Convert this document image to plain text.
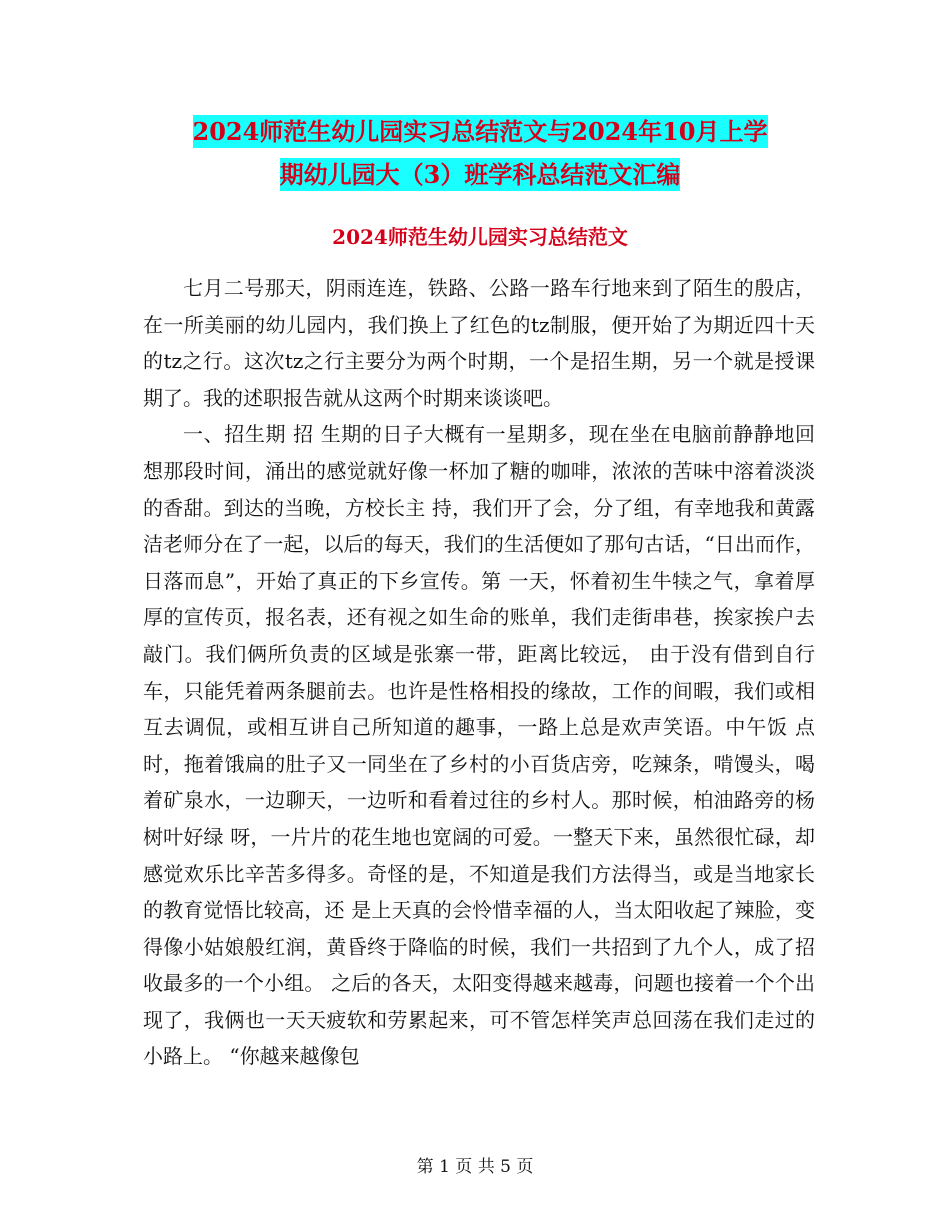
2024师范生幼儿园实习总结范文与2024年10月上学
期幼儿园大（3）班学科总结范文汇编
2024师范生幼儿园实习总结范文

七月二号那天，阴雨连连，铁路、公路一路车行地来到了陌生的殷店，在一所美丽的幼儿园内，我们换上了红色的tz制服，便开始了为期近四十天的tz之行。这次tz之行主要分为两个时期，一个是招生期，另一个就是授课期了。我的述职报告就从这两个时期来谈谈吧。

一、招生期 招 生期的日子大概有一星期多，现在坐在电脑前静静地回想那段时间，涌出的感觉就好像一杯加了糖的咖啡，浓浓的苦味中溶着淡淡的香甜。到达的当晚，方校长主 持，我们开了会，分了组，有幸地我和黄露洁老师分在了一起，以后的每天，我们的生活便如了那句古话，“日出而作，日落而息”，开始了真正的下乡宣传。第 一天，怀着初生牛犊之气，拿着厚厚的宣传页，报名表，还有视之如生命的账单，我们走街串巷，挨家挨户去敲门。我们俩所负责的区域是张寨一带，距离比较远， 由于没有借到自行车，只能凭着两条腿前去。也许是性格相投的缘故，工作的间暇，我们或相互去调侃，或相互讲自己所知道的趣事，一路上总是欢声笑语。中午饭 点时，拖着饿扁的肚子又一同坐在了乡村的小百货店旁，吃辣条，啃馒头，喝着矿泉水，一边聊天，一边听和看着过往的乡村人。那时候，柏油路旁的杨树叶好绿 呀，一片片的花生地也宽阔的可爱。一整天下来，虽然很忙碌，却感觉欢乐比辛苦多得多。奇怪的是，不知道是我们方法得当，或是当地家长的教育觉悟比较高，还 是上天真的会怜惜幸福的人，当太阳收起了辣脸，变得像小姑娘般红润，黄昏终于降临的时候，我们一共招到了九个人，成了招收最多的一个小组。 之后的各天，太阳变得越来越毒，问题也接着一个个出现了，我俩也一天天疲软和劳累起来，可不管怎样笑声总回荡在我们走过的小路上。 “你越来越像包

第 1 页 共 5 页
